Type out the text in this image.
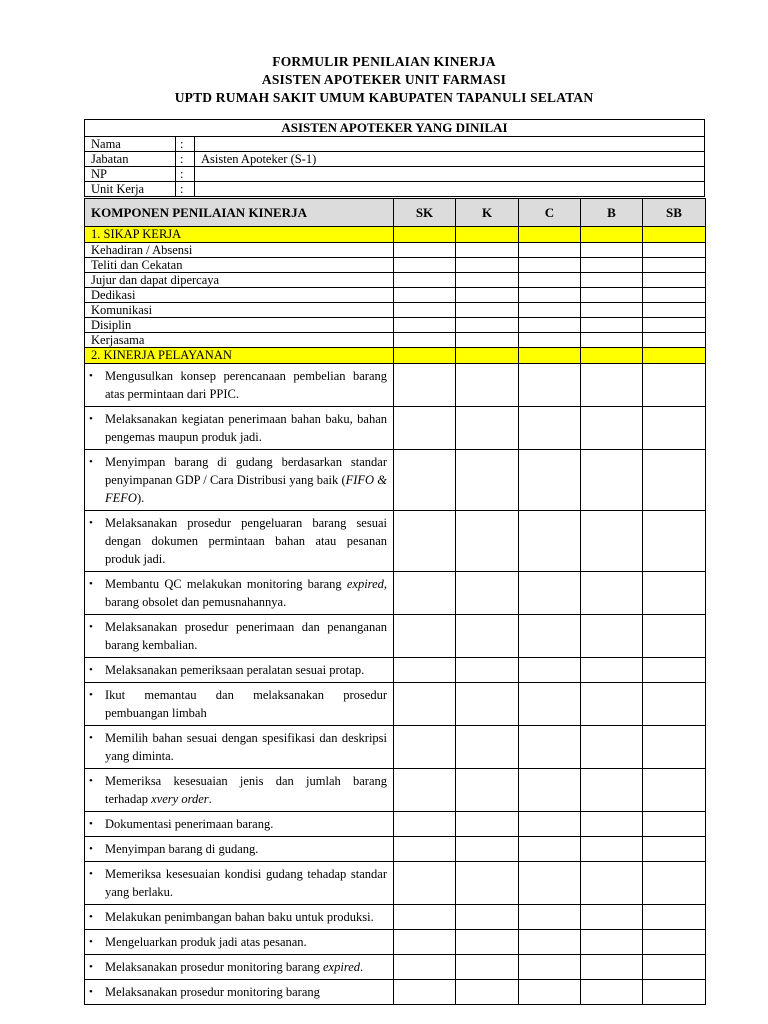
FORMULIR PENILAIAN KINERJA
ASISTEN APOTEKER UNIT FARMASI
UPTD RUMAH SAKIT UMUM KABUPATEN TAPANULI SELATAN
ASISTEN APOTEKER YANG DINILAI		
Nama	:	
Jabatan	:	Asisten Apoteker (S-1)
NP	:	
Unit Kerja	:	
KOMPONEN PENILAIAN KINERJA	SK	K	C	B	SB
1. SIKAP KERJA					
Kehadiran / Absensi					
Teliti dan Cekatan					
Jujur dan dapat dipercaya					
Dedikasi					
Komunikasi					
Disiplin					
Kerjasama					
2. KINERJA PELAYANAN					

• Mengusulkan konsep perencanaan pembelian barang atas permintaan dari PPIC.					

• Melaksanakan kegiatan penerimaan bahan baku, bahan pengemas maupun produk jadi.					

• Menyimpan barang di gudang berdasarkan standar penyimpanan GDP / Cara Distribusi yang baik (FIFO & FEFO).					

• Melaksanakan prosedur pengeluaran barang sesuai dengan dokumen permintaan bahan atau pesanan produk jadi.					

• Membantu QC melakukan monitoring barang expired, barang obsolet dan pemusnahannya.					

• Melaksanakan prosedur penerimaan dan penanganan barang kembalian.					

• Melaksanakan pemeriksaan peralatan sesuai protap.					

• Ikut memantau dan melaksanakan prosedur pembuangan limbah					

• Memilih bahan sesuai dengan spesifikasi dan deskripsi yang diminta.					

• Memeriksa kesesuaian jenis dan jumlah barang terhadap xvery order.					

• Dokumentasi penerimaan barang.					

• Menyimpan barang di gudang.					

• Memeriksa kesesuaian kondisi gudang tehadap standar yang berlaku.					

• Melakukan penimbangan bahan baku untuk produksi.					

• Mengeluarkan produk jadi atas pesanan.					

• Melaksanakan prosedur monitoring barang expired.					

• Melaksanakan prosedur monitoring barang					
